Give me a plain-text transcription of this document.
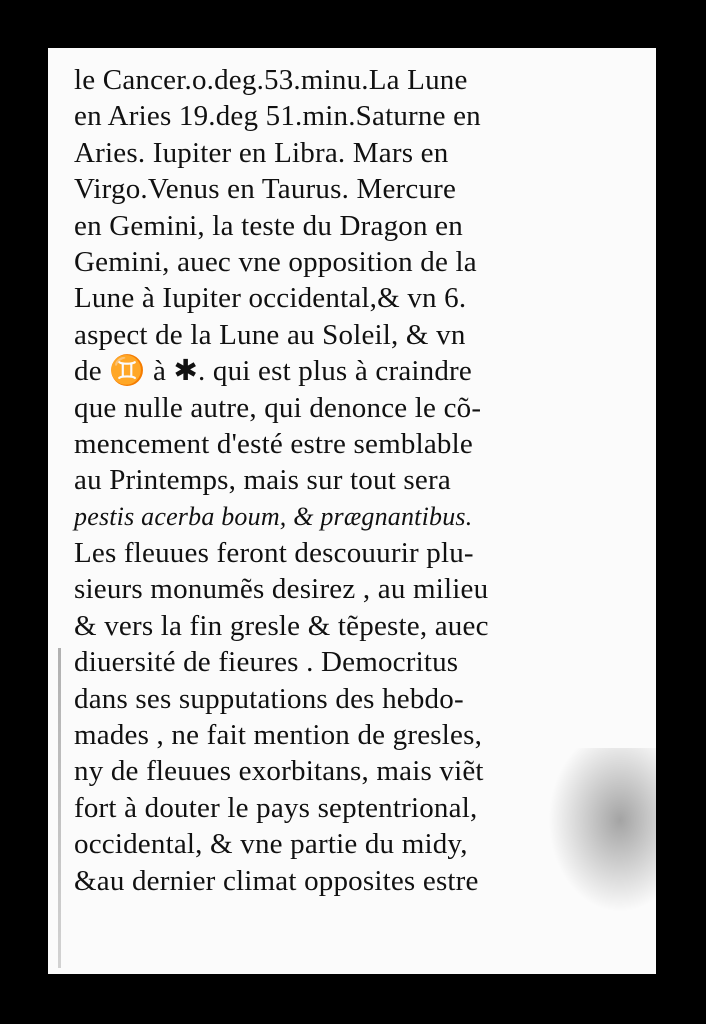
le Cancer.o.deg.53.minu.La Lune
en Aries 19.deg 51.min.Saturne en
Aries. Iupiter en Libra. Mars en
Virgo.Venus en Taurus. Mercure
en Gemini, la teste du Dragon en
Gemini, auec vne opposition de la
Lune à Iupiter occidental,& vn 6.
aspect de la Lune au Soleil, & vn
de ♊ à ✱. qui est plus à craindre
que nulle autre, qui denonce le cõ-
mencement d'esté estre semblable
au Printemps, mais sur tout sera
pestis acerba boum, & prægnantibus.
Les fleuues feront descouurir plu-
sieurs monumẽs desirez , au milieu
& vers la fin gresle & tẽpeste, auec
diuersité de fieures . Democritus
dans ses supputations des hebdo-
mades , ne fait mention de gresles,
ny de fleuues exorbitans, mais viẽt
fort à douter le pays septentrional,
occidental, & vne partie du midy,
&au dernier climat opposites estre
